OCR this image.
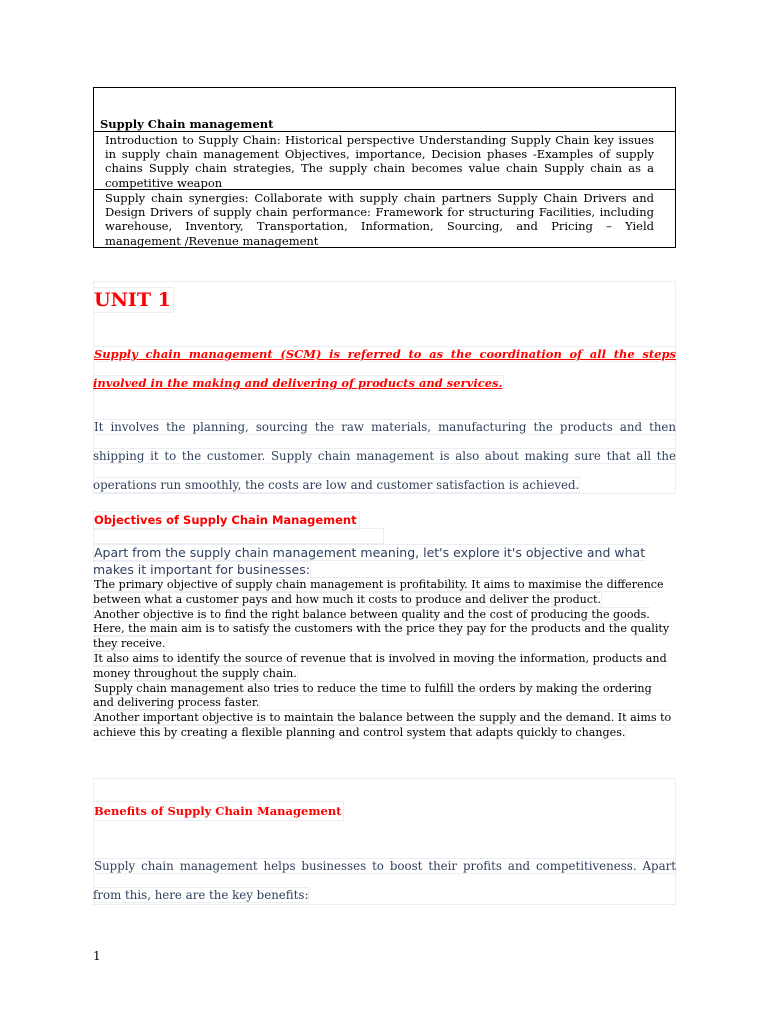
Supply Chain management
Introduction to Supply Chain: Historical perspective Understanding Supply Chain key issues in supply chain management Objectives, importance, Decision phases -Examples of supply chains Supply chain strategies, The supply chain becomes value chain Supply chain as a competitive weapon
Supply chain synergies: Collaborate with supply chain partners Supply Chain Drivers and Design Drivers of supply chain performance: Framework for structuring Facilities, including warehouse, Inventory, Transportation, Information, Sourcing, and Pricing – Yield management /Revenue management
UNIT 1
Supply chain management (SCM) is referred to as the coordination of all the steps involved in the making and delivering of products and services.
It involves the planning, sourcing the raw materials, manufacturing the products and then shipping it to the customer. Supply chain management is also about making sure that all the operations run smoothly, the costs are low and customer satisfaction is achieved.
Objectives of Supply Chain Management
Apart from the supply chain management meaning, let's explore it's objective and what makes it important for businesses:

The primary objective of supply chain management is profitability. It aims to maximise the difference between what a customer pays and how much it costs to produce and deliver the product.

Another objective is to find the right balance between quality and the cost of producing the goods. Here, the main aim is to satisfy the customers with the price they pay for the products and the quality they receive.

It also aims to identify the source of revenue that is involved in moving the information, products and money throughout the supply chain.

Supply chain management also tries to reduce the time to fulfill the orders by making the ordering and delivering process faster.

Another important objective is to maintain the balance between the supply and the demand. It aims to achieve this by creating a flexible planning and control system that adapts quickly to changes.

Benefits of Supply Chain Management
Supply chain management helps businesses to boost their profits and competitiveness. Apart from this, here are the key benefits:
1
